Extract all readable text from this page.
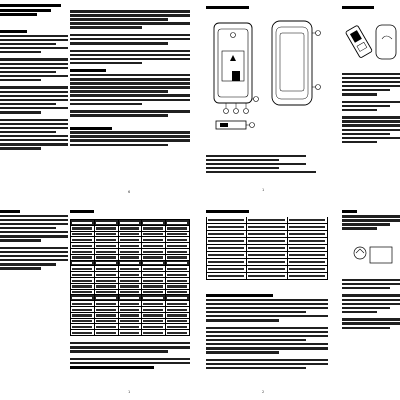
6	1
1	2
